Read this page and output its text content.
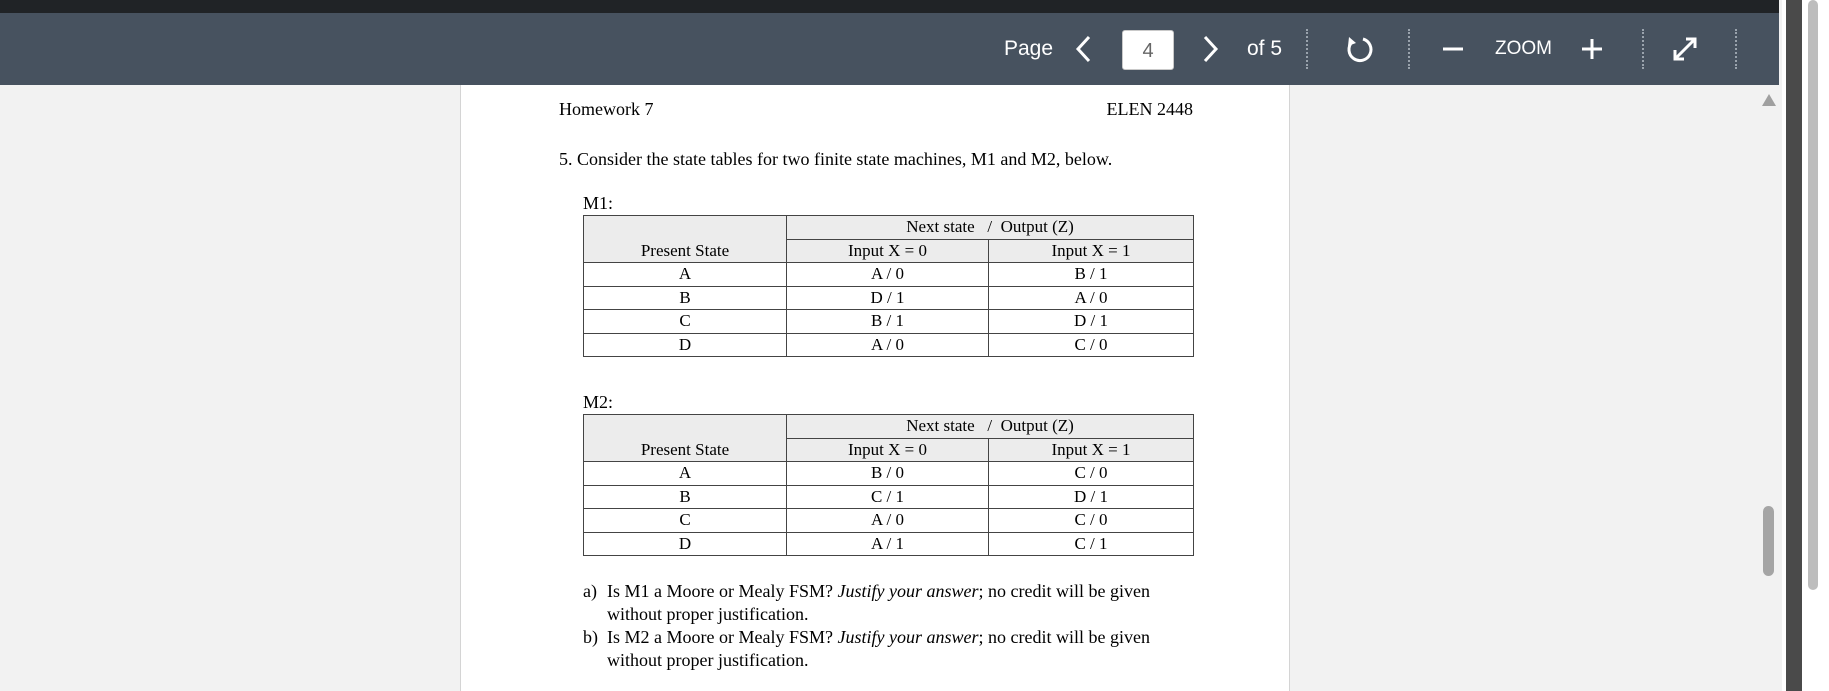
Page	4	of 5	ZOOM
Homework 7	ELEN 2448
5. Consider the state tables for two finite state machines, M1 and M2, below.
M1:
	Next state / Output (Z)	
Present State	Input X = 0	Input X = 1
A	A / 0	B / 1
B	D / 1	A / 0
C	B / 1	D / 1
D	A / 0	C / 0
M2:
	Next state / Output (Z)	
Present State	Input X = 0	Input X = 1
A	B / 0	C / 0
B	C / 1	D / 1
C	A / 0	C / 0
D	A / 1	C / 1
a) Is M1 a Moore or Mealy FSM? Justify your answer; no credit will be given without proper justification.
b) Is M2 a Moore or Mealy FSM? Justify your answer; no credit will be given without proper justification.
